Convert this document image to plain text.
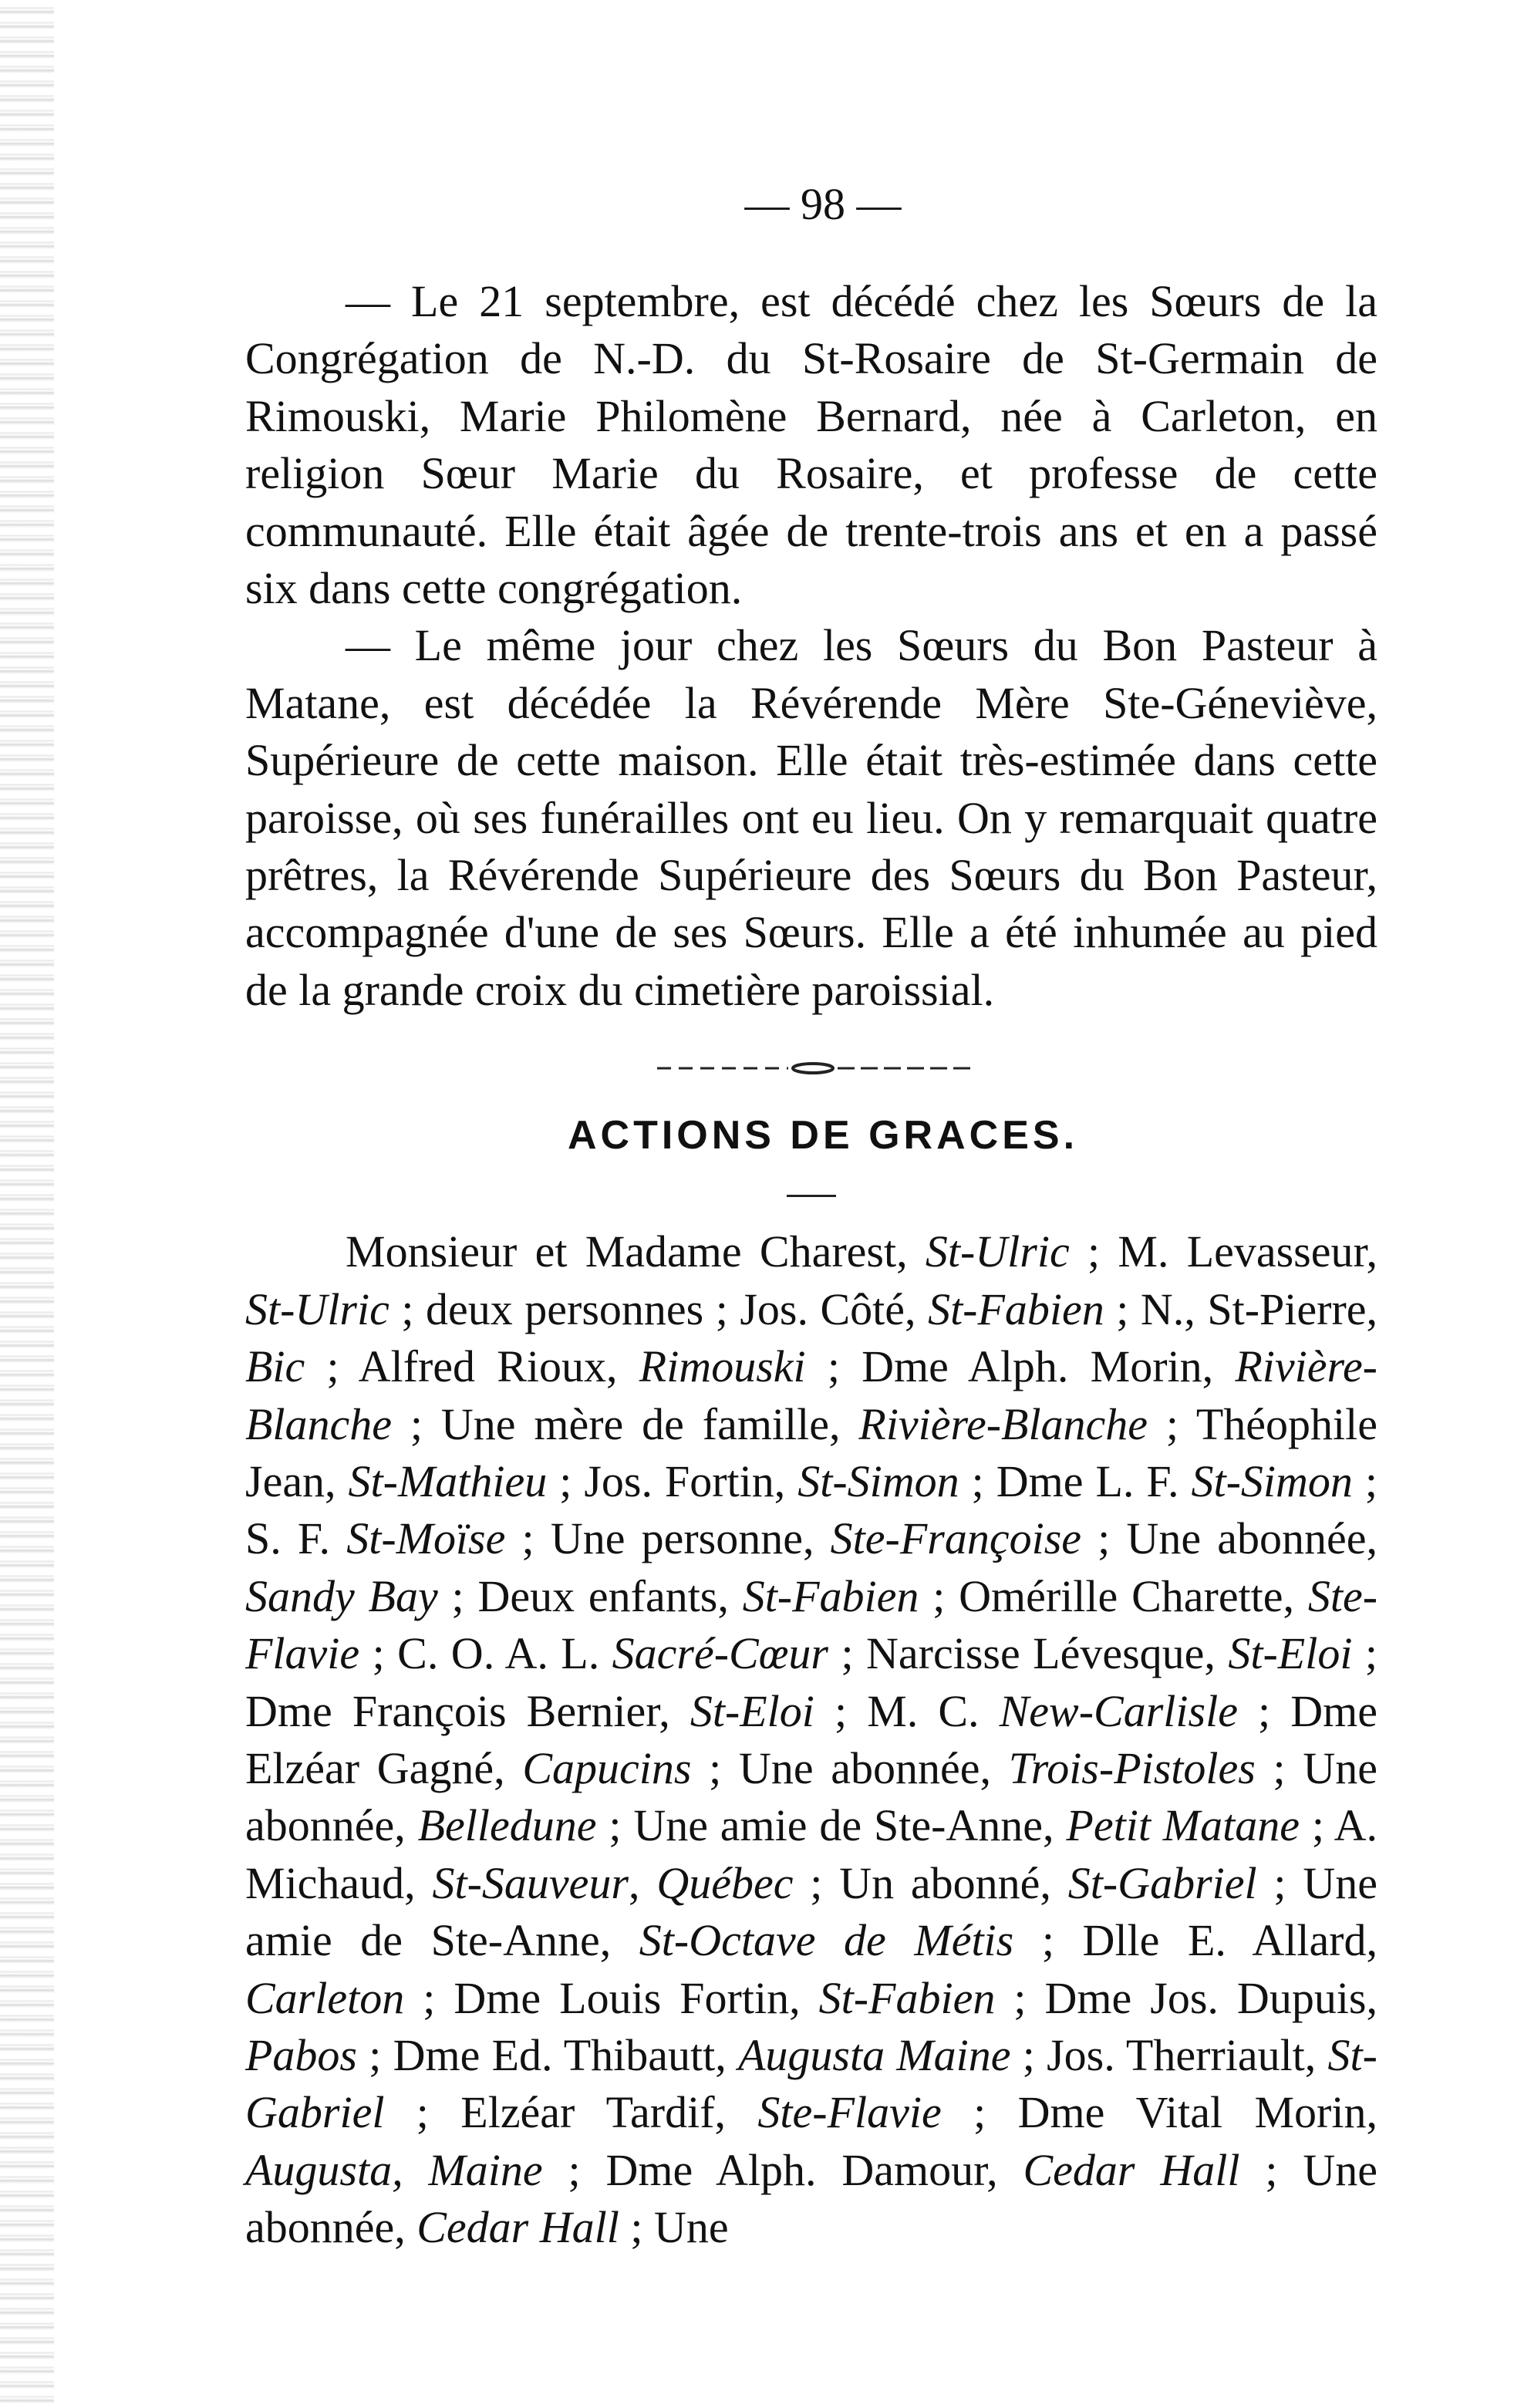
— 98 —

— Le 21 septembre, est décédé chez les Sœurs de la Congrégation de N.-D. du St-Rosaire de St-Germain de Rimouski, Marie Philomène Bernard, née à Carleton, en religion Sœur Marie du Rosaire, et professe de cette communauté. Elle était âgée de trente-trois ans et en a passé six dans cette congrégation.

— Le même jour chez les Sœurs du Bon Pasteur à Matane, est décédée la Révérende Mère Ste-Géneviève, Supérieure de cette maison. Elle était très-estimée dans cette paroisse, où ses funérailles ont eu lieu. On y remarquait quatre prêtres, la Révérende Supérieure des Sœurs du Bon Pasteur, accompagnée d'une de ses Sœurs. Elle a été inhumée au pied de la grande croix du cimetière paroissial.

ACTIONS DE GRACES.

Monsieur et Madame Charest, St-Ulric ; M. Levasseur, St-Ulric ; deux personnes ; Jos. Côté, St-Fabien ; N., St-Pierre, Bic ; Alfred Rioux, Rimouski ; Dme Alph. Morin, Rivière-Blanche ; Une mère de famille, Rivière-Blanche ; Théophile Jean, St-Mathieu ; Jos. Fortin, St-Simon ; Dme L. F. St-Simon ; S. F. St-Moïse ; Une personne, Ste-Françoise ; Une abonnée, Sandy Bay ; Deux enfants, St-Fabien ; Omérille Charette, Ste-Flavie ; C. O. A. L. Sacré-Cœur ; Narcisse Lévesque, St-Eloi ; Dme François Bernier, St-Eloi ; M. C. New-Carlisle ; Dme Elzéar Gagné, Capucins ; Une abonnée, Trois-Pistoles ; Une abonnée, Belledune ; Une amie de Ste-Anne, Petit Matane ; A. Michaud, St-Sauveur, Québec ; Un abonné, St-Gabriel ; Une amie de Ste-Anne, St-Octave de Métis ; Dlle E. Allard, Carleton ; Dme Louis Fortin, St-Fabien ; Dme Jos. Dupuis, Pabos ; Dme Ed. Thibautt, Augusta Maine ; Jos. Therriault, St-Gabriel ; Elzéar Tardif, Ste-Flavie ; Dme Vital Morin, Augusta, Maine ; Dme Alph. Damour, Cedar Hall ; Une abonnée, Cedar Hall ; Une
